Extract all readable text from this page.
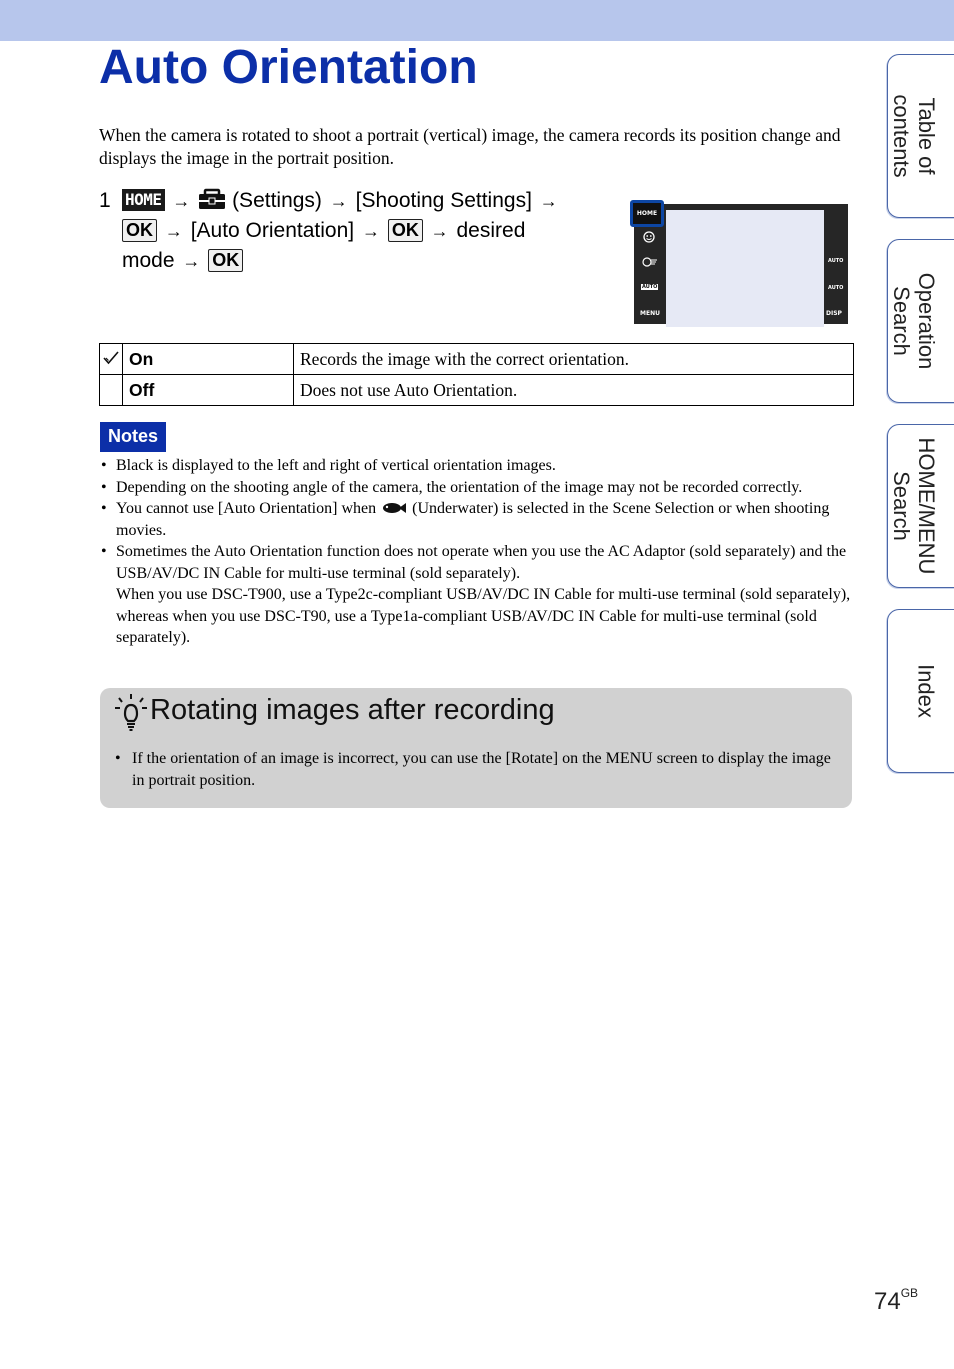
Auto Orientation

When the camera is rotated to shoot a portrait (vertical) image, the camera records its position change and displays the image in the portrait position.

1 HOME → (Settings) → [Shooting Settings] →
OK → [Auto Orientation] → OK → desired
mode → OK
AUTO
MENU
AUTO
AUTO
DISP
HOME
	On	Records the image with the correct orientation.
	Off	Does not use Auto Orientation.
Notes
• Black is displayed to the left and right of vertical orientation images.
• Depending on the shooting angle of the camera, the orientation of the image may not be recorded correctly.
• You cannot use [Auto Orientation] when (Underwater) is selected in the Scene Selection or when shooting movies.
• Sometimes the Auto Orientation function does not operate when you use the AC Adaptor (sold separately) and the USB/AV/DC IN Cable for multi-use terminal (sold separately).
When you use DSC-T900, use a Type2c-compliant USB/AV/DC IN Cable for multi-use terminal (sold separately), whereas when you use DSC-T90, use a Type1a-compliant USB/AV/DC IN Cable for multi-use terminal (sold separately).
Rotating images after recording
• If the orientation of an image is incorrect, you can use the [Rotate] on the MENU screen to display the image in portrait position.
Table of
contents
Operation
Search
HOME/MENU
Search
Index
$74^{GB}$
